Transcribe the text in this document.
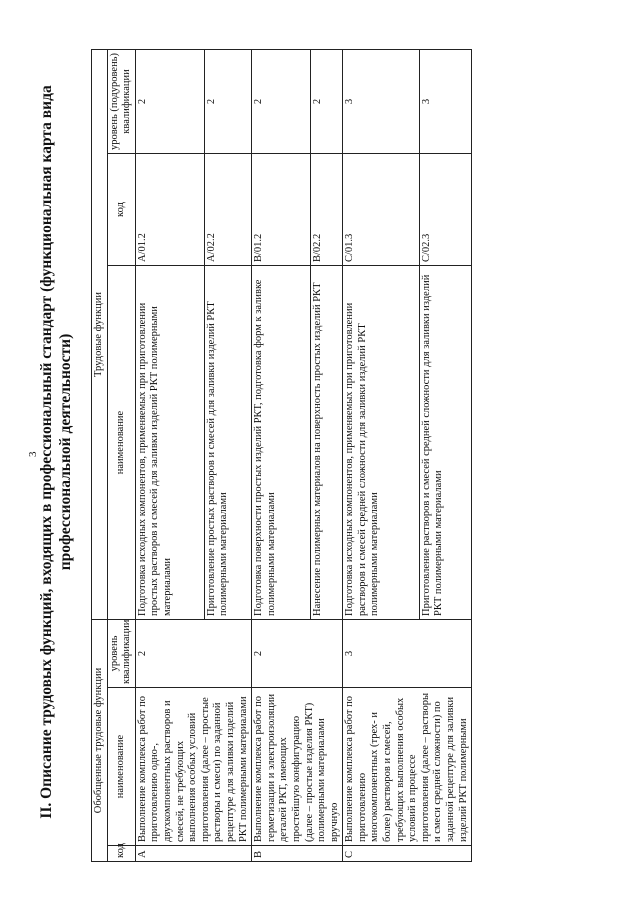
3 II. Описание трудовых функций, входящих в профессиональный стандарт (функциональная карта вида профессиональной деятельности)
Обобщенные трудовые функции			Трудовые функции		
код	наименование	уровень квалификации	наименование	код	уровень (подуровень) квалификации
A	Выполнение комплекса работ по приготовлению одно-, двухкомпонентных растворов и смесей, не требующих выполнения особых условий приготовления (далее – простые растворы и смеси) по заданной рецептуре для заливки изделий РКТ полимерными материалами	2	Подготовка исходных компонентов, применяемых при приготовлении простых растворов и смесей для заливки изделий РКТ полимерными материалами	A/01.2	2
			Приготовление простых растворов и смесей для заливки изделий РКТ полимерными материалами	A/02.2	2
B	Выполнение комплекса работ по герметизации и электроизоляции деталей РКТ, имеющих простейшую конфигурацию (далее – простые изделия РКТ) полимерными материалами вручную	2	Подготовка поверхности простых изделий РКТ, подготовка форм к заливке полимерными материалами	B/01.2	2
			Нанесение полимерных материалов на поверхность простых изделий РКТ	B/02.2	2
C	Выполнение комплекса работ по приготовлению многокомпонентных (трех- и более) растворов и смесей, требующих выполнения особых условий в процессе приготовления (далее – растворы и смеси средней сложности) по заданной рецептуре для заливки изделий РКТ полимерными	3	Подготовка исходных компонентов, применяемых при приготовлении растворов и смесей средней сложности для заливки изделий РКТ полимерными материалами	C/01.3	3
			Приготовление растворов и смесей средней сложности для заливки изделий РКТ полимерными материалами	C/02.3	3
